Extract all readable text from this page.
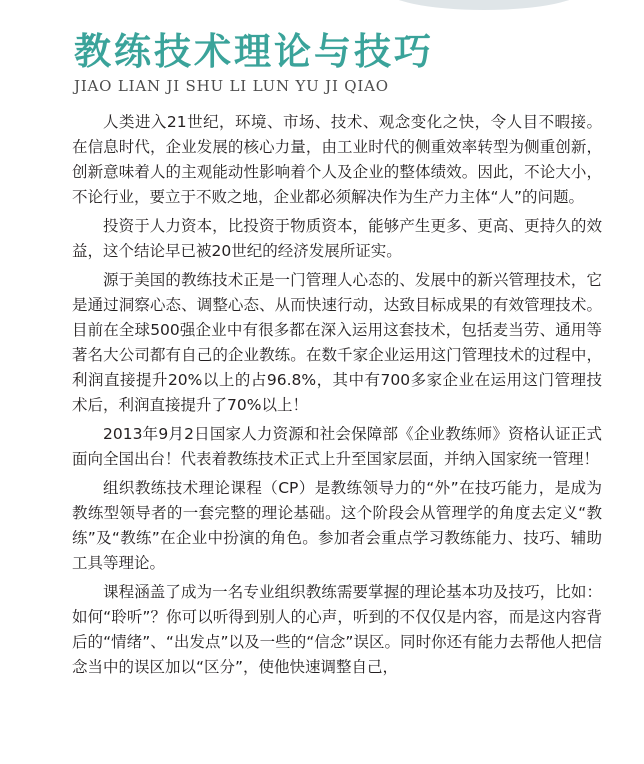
教练技术理论与技巧

JIAO LIAN JI SHU LI LUN YU JI QIAO

人类进入21世纪，环境、市场、技术、观念变化之快，令人目不暇接。在信息时代，企业发展的核心力量，由工业时代的侧重效率转型为侧重创新，创新意味着人的主观能动性影响着个人及企业的整体绩效。因此，不论大小，不论行业，要立于不败之地，企业都必须解决作为生产力主体“人”的问题。

投资于人力资本，比投资于物质资本，能够产生更多、更高、更持久的效益，这个结论早已被20世纪的经济发展所证实。

源于美国的教练技术正是一门管理人心态的、发展中的新兴管理技术，它是通过洞察心态、调整心态、从而快速行动，达致目标成果的有效管理技术。目前在全球500强企业中有很多都在深入运用这套技术，包括麦当劳、通用等著名大公司都有自己的企业教练。在数千家企业运用这门管理技术的过程中，利润直接提升20%以上的占96.8%，其中有700多家企业在运用这门管理技术后，利润直接提升了70%以上！

2013年9月2日国家人力资源和社会保障部《企业教练师》资格认证正式面向全国出台！代表着教练技术正式上升至国家层面，并纳入国家统一管理！

组织教练技术理论课程（CP）是教练领导力的“外”在技巧能力，是成为教练型领导者的一套完整的理论基础。这个阶段会从管理学的角度去定义“教练”及“教练”在企业中扮演的角色。参加者会重点学习教练能力、技巧、辅助工具等理论。

课程涵盖了成为一名专业组织教练需要掌握的理论基本功及技巧，比如：如何“聆听”？你可以听得到别人的心声，听到的不仅仅是内容，而是这内容背后的“情绪”、“出发点”以及一些的“信念”误区。同时你还有能力去帮他人把信念当中的误区加以“区分”，使他快速调整自己，
